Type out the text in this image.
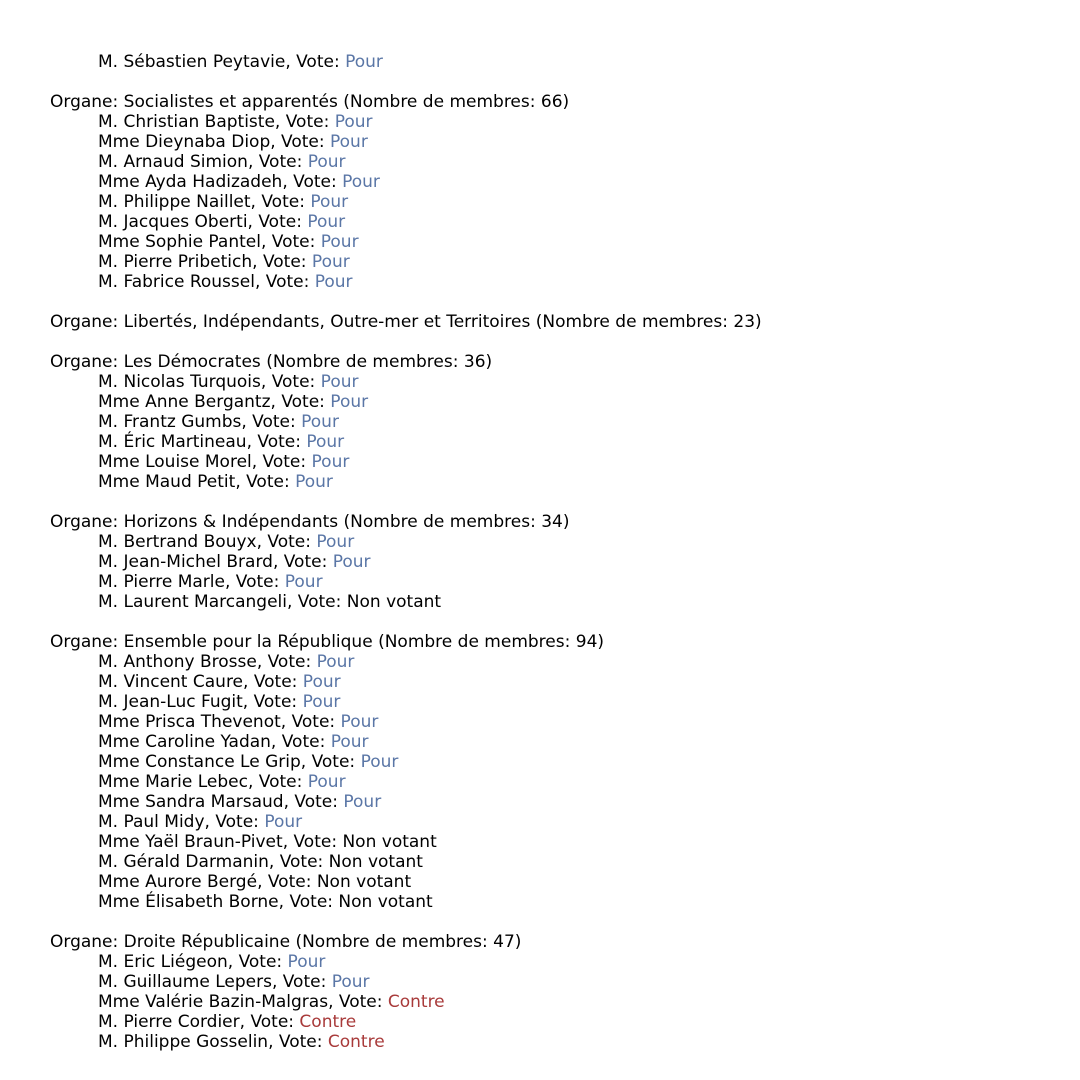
M. Sébastien Peytavie, Vote: Pour
Organe: Socialistes et apparentés (Nombre de membres: 66)
M. Christian Baptiste, Vote: Pour
Mme Dieynaba Diop, Vote: Pour
M. Arnaud Simion, Vote: Pour
Mme Ayda Hadizadeh, Vote: Pour
M. Philippe Naillet, Vote: Pour
M. Jacques Oberti, Vote: Pour
Mme Sophie Pantel, Vote: Pour
M. Pierre Pribetich, Vote: Pour
M. Fabrice Roussel, Vote: Pour
Organe: Libertés, Indépendants, Outre-mer et Territoires (Nombre de membres: 23)
Organe: Les Démocrates (Nombre de membres: 36)
M. Nicolas Turquois, Vote: Pour
Mme Anne Bergantz, Vote: Pour
M. Frantz Gumbs, Vote: Pour
M. Éric Martineau, Vote: Pour
Mme Louise Morel, Vote: Pour
Mme Maud Petit, Vote: Pour
Organe: Horizons & Indépendants (Nombre de membres: 34)
M. Bertrand Bouyx, Vote: Pour
M. Jean-Michel Brard, Vote: Pour
M. Pierre Marle, Vote: Pour
M. Laurent Marcangeli, Vote: Non votant
Organe: Ensemble pour la République (Nombre de membres: 94)
M. Anthony Brosse, Vote: Pour
M. Vincent Caure, Vote: Pour
M. Jean-Luc Fugit, Vote: Pour
Mme Prisca Thevenot, Vote: Pour
Mme Caroline Yadan, Vote: Pour
Mme Constance Le Grip, Vote: Pour
Mme Marie Lebec, Vote: Pour
Mme Sandra Marsaud, Vote: Pour
M. Paul Midy, Vote: Pour
Mme Yaël Braun-Pivet, Vote: Non votant
M. Gérald Darmanin, Vote: Non votant
Mme Aurore Bergé, Vote: Non votant
Mme Élisabeth Borne, Vote: Non votant
Organe: Droite Républicaine (Nombre de membres: 47)
M. Eric Liégeon, Vote: Pour
M. Guillaume Lepers, Vote: Pour
Mme Valérie Bazin-Malgras, Vote: Contre
M. Pierre Cordier, Vote: Contre
M. Philippe Gosselin, Vote: Contre
